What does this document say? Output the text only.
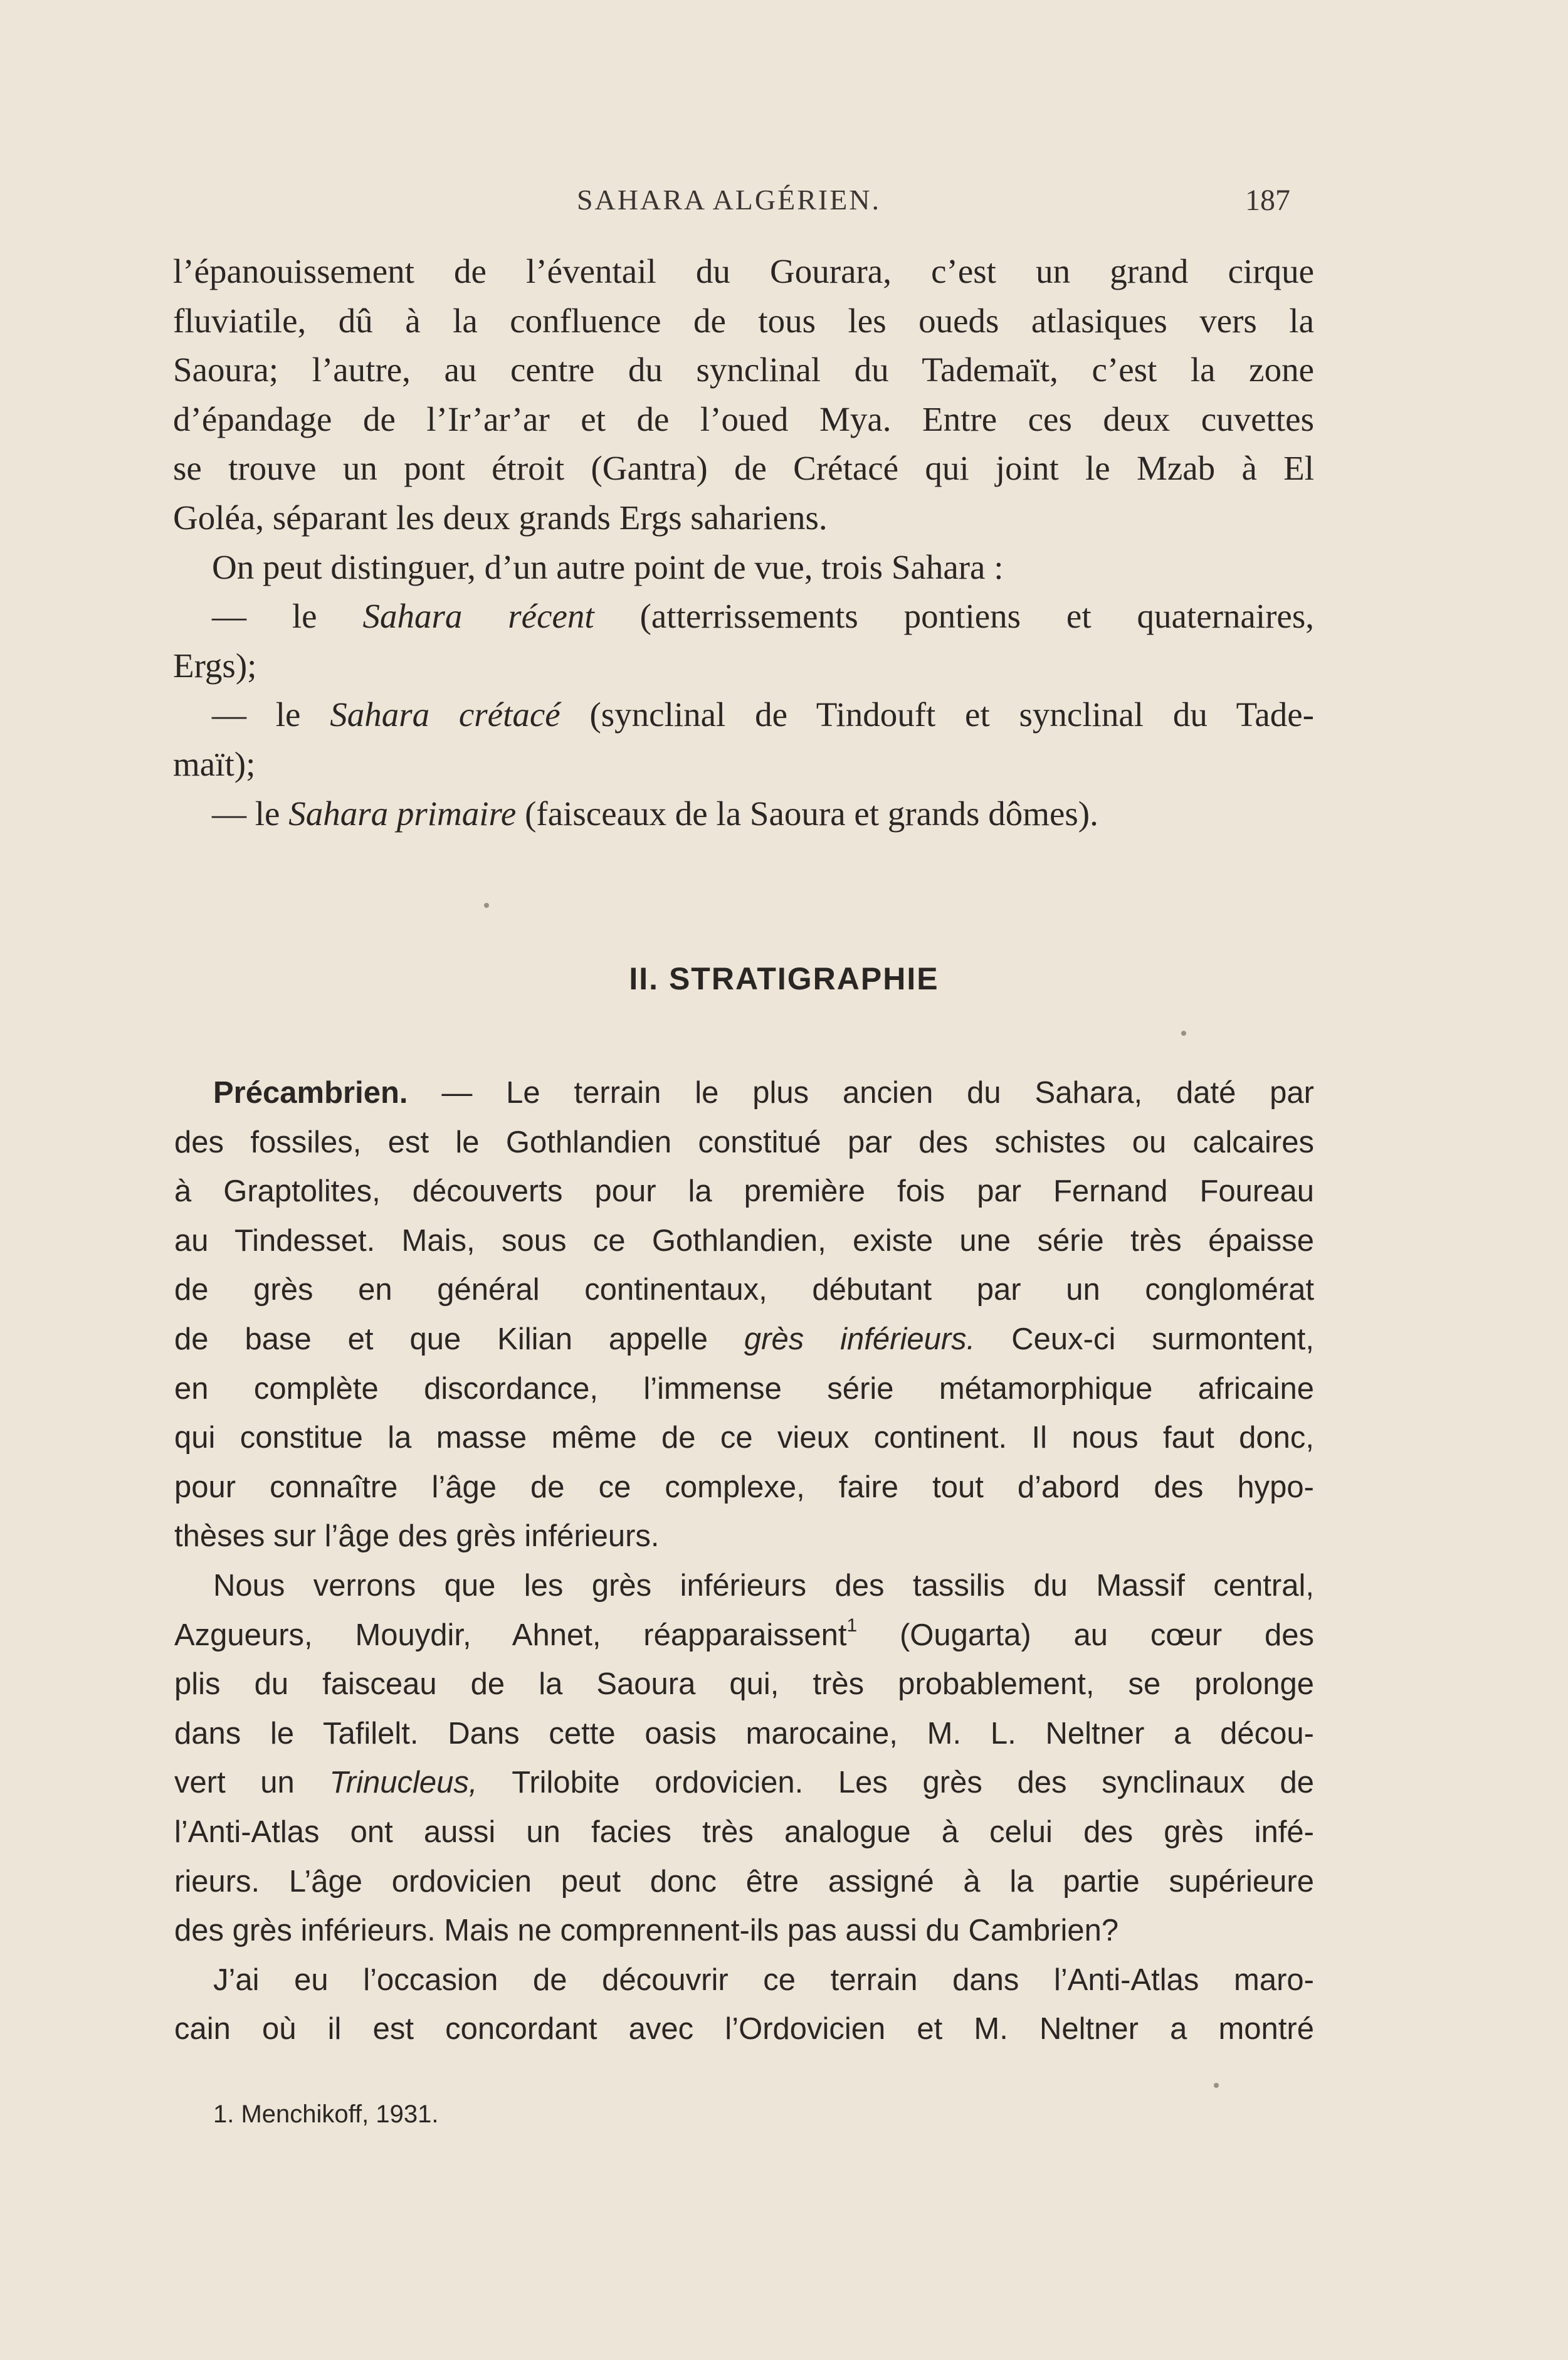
SAHARA ALGÉRIEN.	187
l’épanouissement de l’éventail du Gourara, c’est un grand cirque
fluviatile, dû à la confluence de tous les oueds atlasiques vers la
Saoura; l’autre, au centre du synclinal du Tademaït, c’est la zone
d’épandage de l’Ir’ar’ar et de l’oued Mya. Entre ces deux cuvettes
se trouve un pont étroit (Gantra) de Crétacé qui joint le Mzab à El
Goléa, séparant les deux grands Ergs sahariens.
On peut distinguer, d’un autre point de vue, trois Sahara :
— le Sahara récent (atterrissements pontiens et quaternaires,
Ergs);
— le Sahara crétacé (synclinal de Tindouft et synclinal du Tade-
maït);
— le Sahara primaire (faisceaux de la Saoura et grands dômes).
II. STRATIGRAPHIE
Précambrien. — Le terrain le plus ancien du Sahara, daté par
des fossiles, est le Gothlandien constitué par des schistes ou calcaires
à Graptolites, découverts pour la première fois par Fernand Foureau
au Tindesset. Mais, sous ce Gothlandien, existe une série très épaisse
de grès en général continentaux, débutant par un conglomérat
de base et que Kilian appelle grès inférieurs. Ceux-ci surmontent,
en complète discordance, l’immense série métamorphique africaine
qui constitue la masse même de ce vieux continent. Il nous faut donc,
pour connaître l’âge de ce complexe, faire tout d’abord des hypo-
thèses sur l’âge des grès inférieurs.
Nous verrons que les grès inférieurs des tassilis du Massif central,
Azgueurs, Mouydir, Ahnet, réapparaissent$^1$ (Ougarta) au cœur des
plis du faisceau de la Saoura qui, très probablement, se prolonge
dans le Tafilelt. Dans cette oasis marocaine, M. L. Neltner a décou-
vert un Trinucleus, Trilobite ordovicien. Les grès des synclinaux de
l’Anti-Atlas ont aussi un facies très analogue à celui des grès infé-
rieurs. L’âge ordovicien peut donc être assigné à la partie supérieure
des grès inférieurs. Mais ne comprennent-ils pas aussi du Cambrien?
J’ai eu l’occasion de découvrir ce terrain dans l’Anti-Atlas maro-
cain où il est concordant avec l’Ordovicien et M. Neltner a montré
1. Menchikoff, 1931.
